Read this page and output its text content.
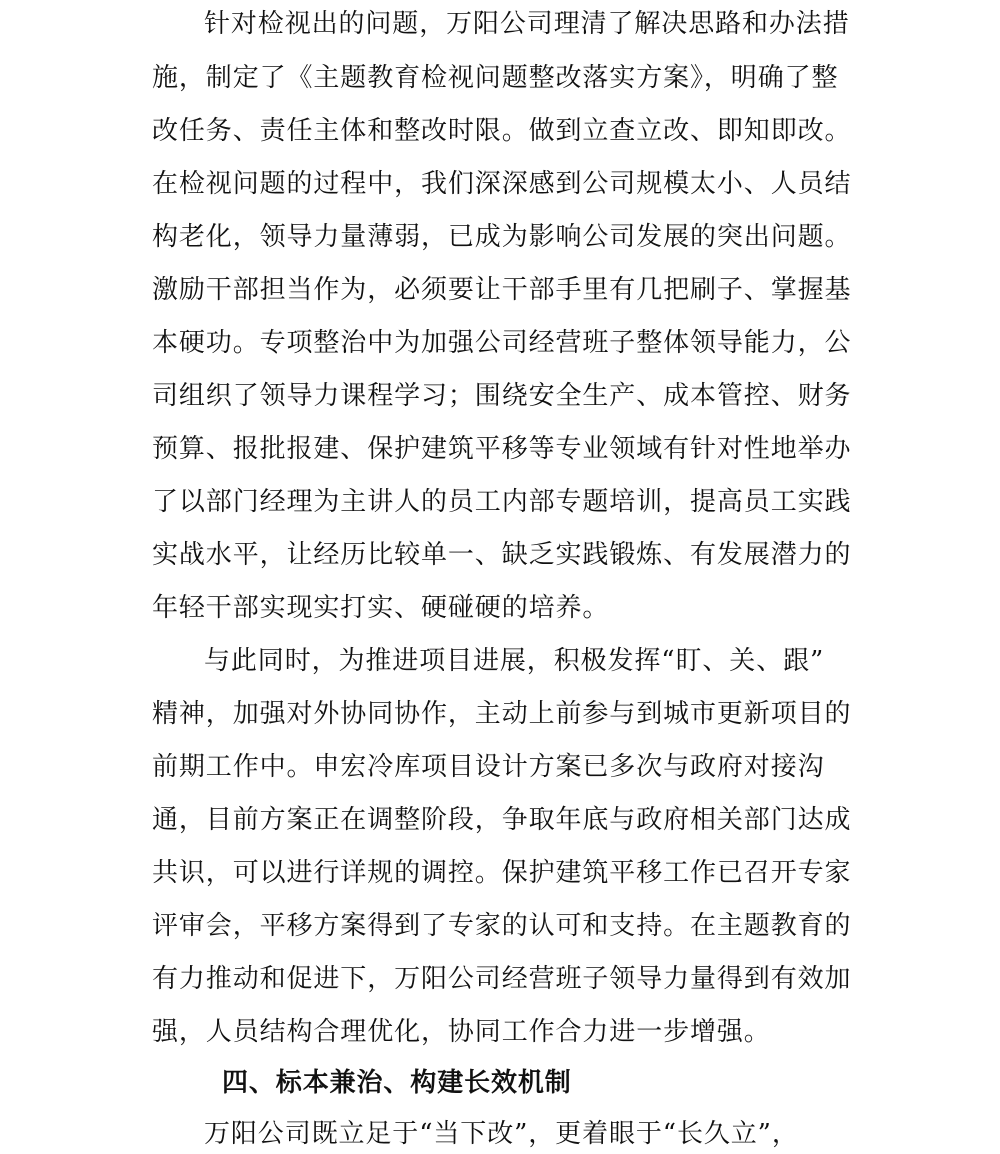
针对检视出的问题，万阳公司理清了解决思路和办法措
施，制定了《主题教育检视问题整改落实方案》，明确了整
改任务、责任主体和整改时限。做到立查立改、即知即改。
在检视问题的过程中，我们深深感到公司规模太小、人员结
构老化，领导力量薄弱，已成为影响公司发展的突出问题。
激励干部担当作为，必须要让干部手里有几把刷子、掌握基
本硬功。专项整治中为加强公司经营班子整体领导能力，公
司组织了领导力课程学习；围绕安全生产、成本管控、财务
预算、报批报建、保护建筑平移等专业领域有针对性地举办
了以部门经理为主讲人的员工内部专题培训，提高员工实践
实战水平，让经历比较单一、缺乏实践锻炼、有发展潜力的
年轻干部实现实打实、硬碰硬的培养。
与此同时，为推进项目进展，积极发挥“盯、关、跟”
精神，加强对外协同协作，主动上前参与到城市更新项目的
前期工作中。申宏冷库项目设计方案已多次与政府对接沟
通，目前方案正在调整阶段，争取年底与政府相关部门达成
共识，可以进行详规的调控。保护建筑平移工作已召开专家
评审会，平移方案得到了专家的认可和支持。在主题教育的
有力推动和促进下，万阳公司经营班子领导力量得到有效加
强，人员结构合理优化，协同工作合力进一步增强。
四、标本兼治、构建长效机制
万阳公司既立足于“当下改”，更着眼于“长久立”，
